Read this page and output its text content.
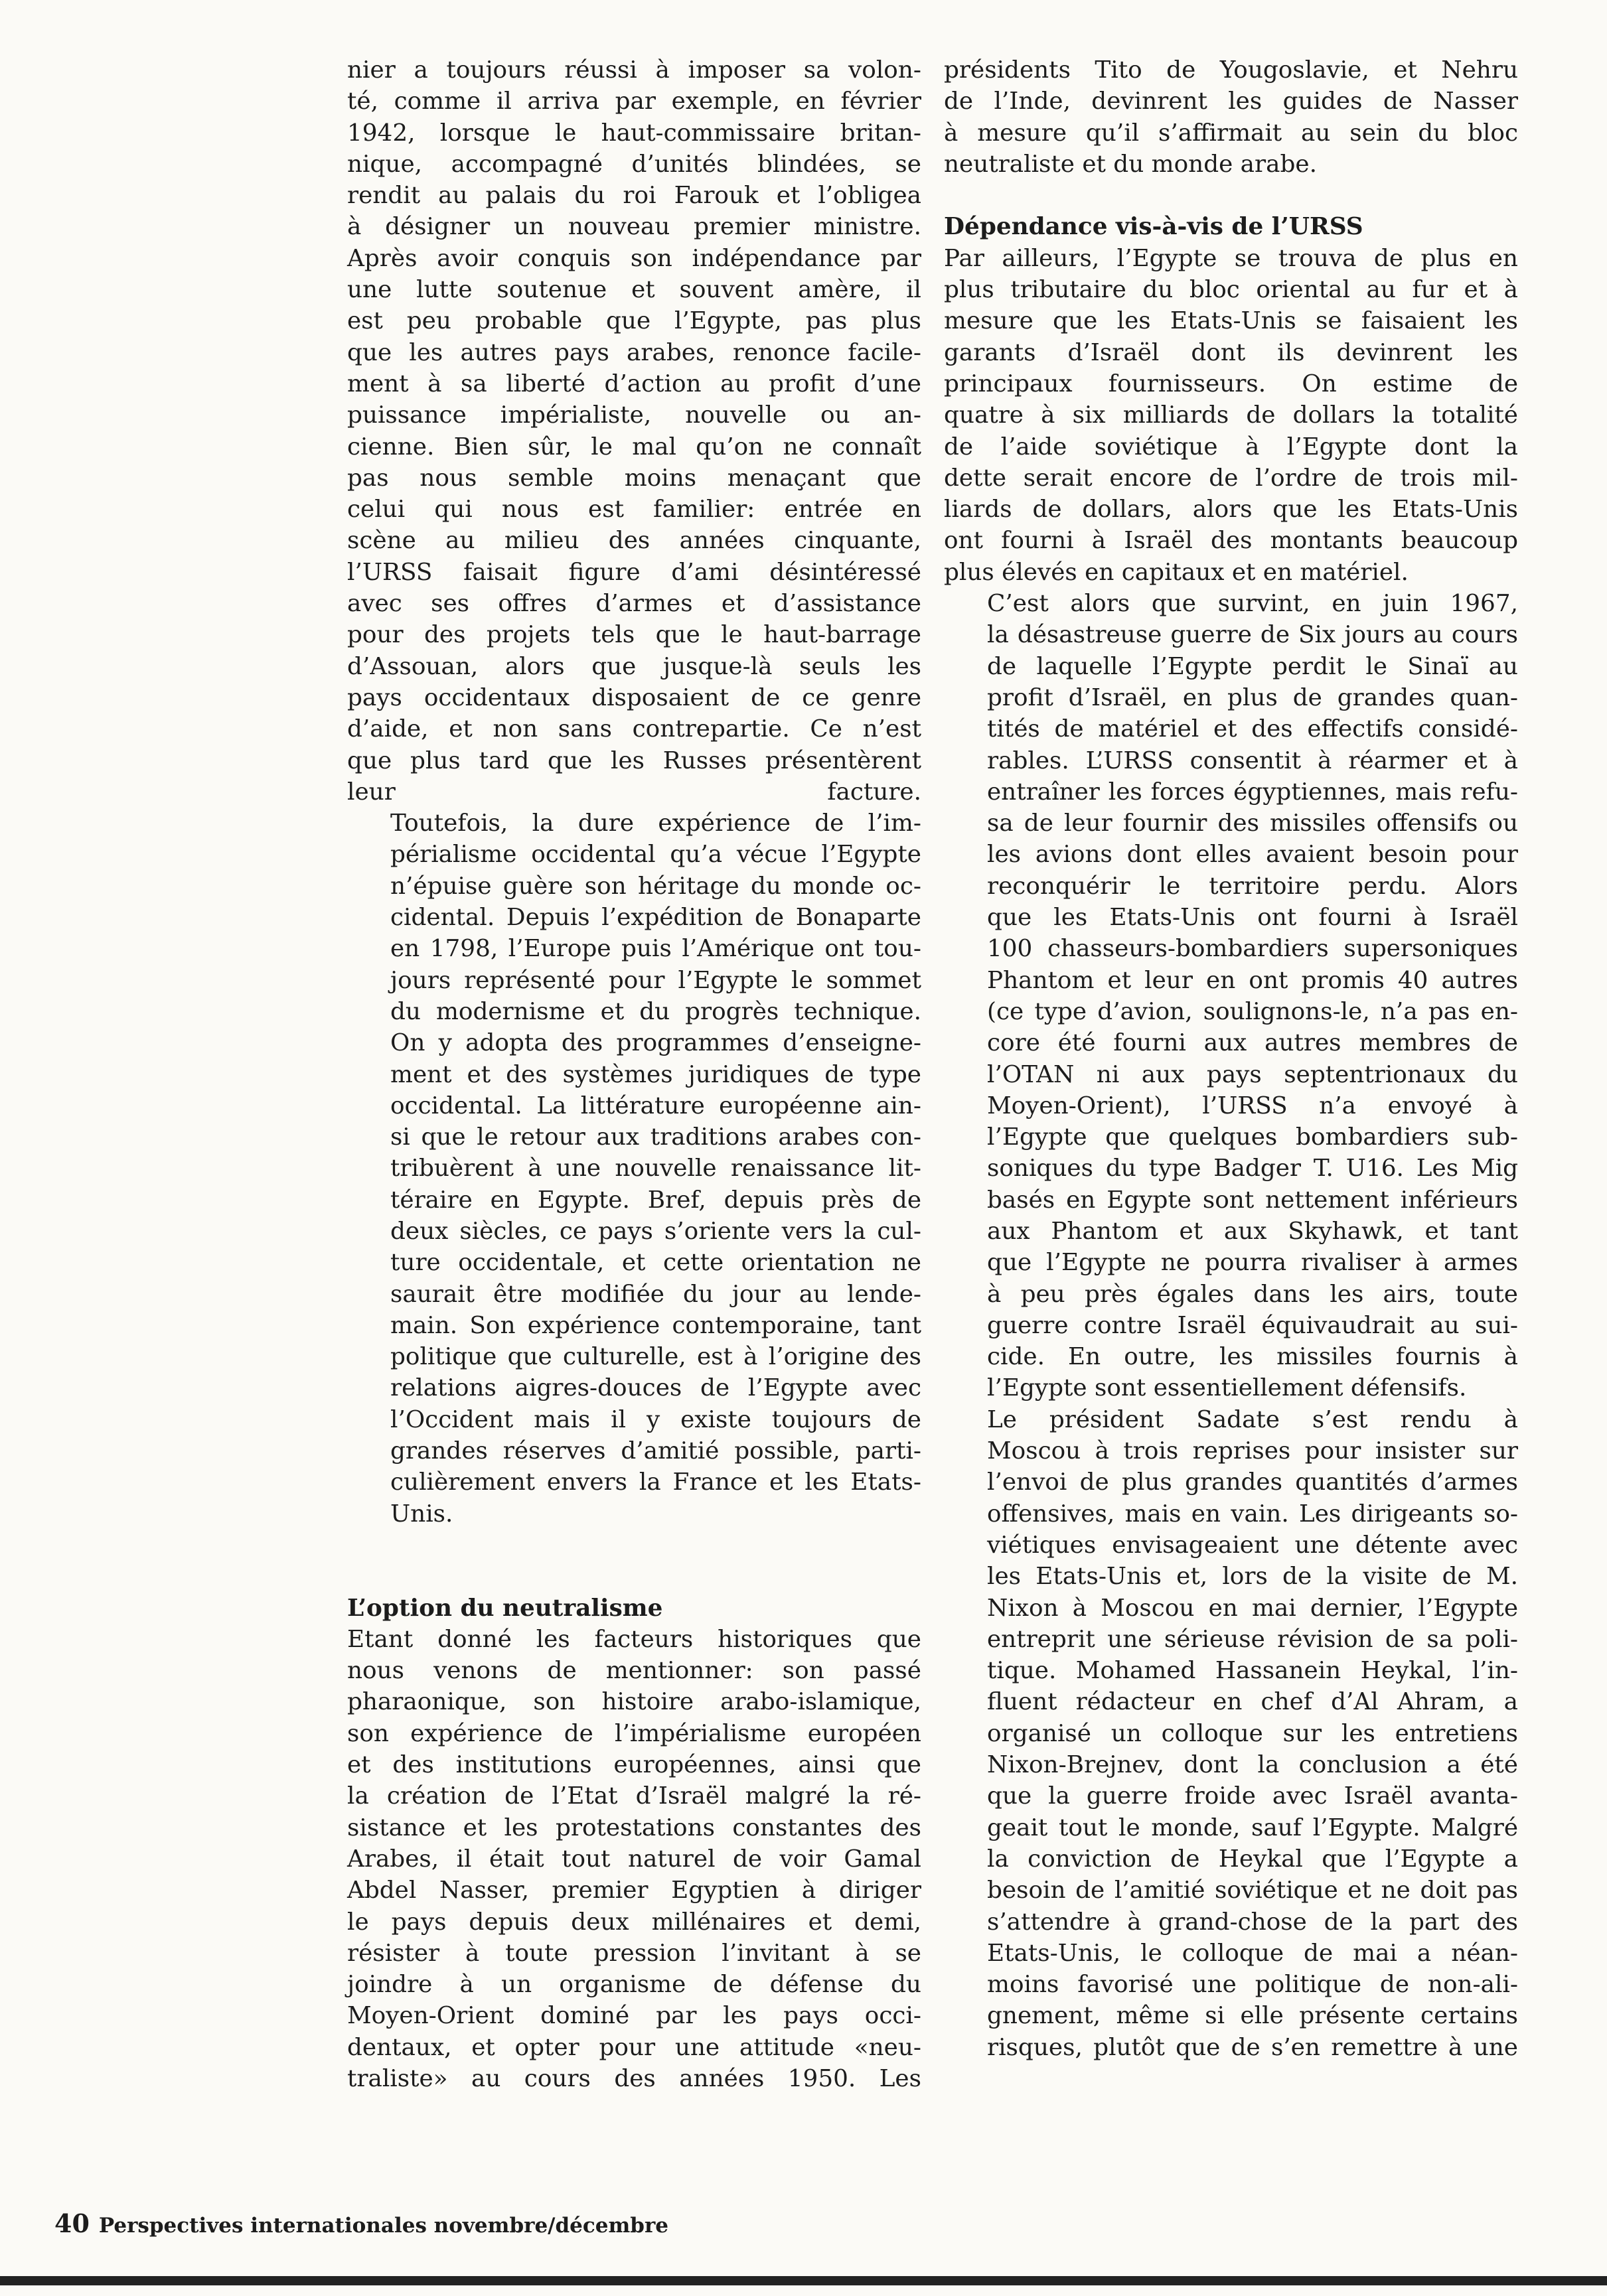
nier a toujours réussi à imposer sa volon-
té, comme il arriva par exemple, en février
1942, lorsque le haut-commissaire britan-
nique, accompagné d’unités blindées, se
rendit au palais du roi Farouk et l’obligea
à désigner un nouveau premier ministre.
Après avoir conquis son indépendance par
une lutte soutenue et souvent amère, il
est peu probable que l’Egypte, pas plus
que les autres pays arabes, renonce facile-
ment à sa liberté d’action au profit d’une
puissance impérialiste, nouvelle ou an-
cienne. Bien sûr, le mal qu’on ne connaît
pas nous semble moins menaçant que
celui qui nous est familier: entrée en
scène au milieu des années cinquante,
l’URSS faisait figure d’ami désintéressé
avec ses offres d’armes et d’assistance
pour des projets tels que le haut-barrage
d’Assouan, alors que jusque-là seuls les
pays occidentaux disposaient de ce genre
d’aide, et non sans contrepartie. Ce n’est
que plus tard que les Russes présentèrent
leur facture.

Toutefois, la dure expérience de l’im-
périalisme occidental qu’a vécue l’Egypte
n’épuise guère son héritage du monde oc-
cidental. Depuis l’expédition de Bonaparte
en 1798, l’Europe puis l’Amérique ont tou-
jours représenté pour l’Egypte le sommet
du modernisme et du progrès technique.
On y adopta des programmes d’enseigne-
ment et des systèmes juridiques de type
occidental. La littérature européenne ain-
si que le retour aux traditions arabes con-
tribuèrent à une nouvelle renaissance lit-
téraire en Egypte. Bref, depuis près de
deux siècles, ce pays s’oriente vers la cul-
ture occidentale, et cette orientation ne
saurait être modifiée du jour au lende-
main. Son expérience contemporaine, tant
politique que culturelle, est à l’origine des
relations aigres-douces de l’Egypte avec
l’Occident mais il y existe toujours de
grandes réserves d’amitié possible, parti-
culièrement envers la France et les Etats-
Unis.

L’option du neutralisme

Etant donné les facteurs historiques que
nous venons de mentionner: son passé
pharaonique, son histoire arabo-islamique,
son expérience de l’impérialisme européen
et des institutions européennes, ainsi que
la création de l’Etat d’Israël malgré la ré-
sistance et les protestations constantes des
Arabes, il était tout naturel de voir Gamal
Abdel Nasser, premier Egyptien à diriger
le pays depuis deux millénaires et demi,
résister à toute pression l’invitant à se
joindre à un organisme de défense du
Moyen-Orient dominé par les pays occi-
dentaux, et opter pour une attitude «neu-
traliste» au cours des années 1950. Les

présidents Tito de Yougoslavie, et Nehru
de l’Inde, devinrent les guides de Nasser
à mesure qu’il s’affirmait au sein du bloc
neutraliste et du monde arabe.

Dépendance vis-à-vis de l’URSS

Par ailleurs, l’Egypte se trouva de plus en
plus tributaire du bloc oriental au fur et à
mesure que les Etats-Unis se faisaient les
garants d’Israël dont ils devinrent les
principaux fournisseurs. On estime de
quatre à six milliards de dollars la totalité
de l’aide soviétique à l’Egypte dont la
dette serait encore de l’ordre de trois mil-
liards de dollars, alors que les Etats-Unis
ont fourni à Israël des montants beaucoup
plus élevés en capitaux et en matériel.

C’est alors que survint, en juin 1967,
la désastreuse guerre de Six jours au cours
de laquelle l’Egypte perdit le Sinaï au
profit d’Israël, en plus de grandes quan-
tités de matériel et des effectifs considé-
rables. L’URSS consentit à réarmer et à
entraîner les forces égyptiennes, mais refu-
sa de leur fournir des missiles offensifs ou
les avions dont elles avaient besoin pour
reconquérir le territoire perdu. Alors
que les Etats-Unis ont fourni à Israël
100 chasseurs-bombardiers supersoniques
Phantom et leur en ont promis 40 autres
(ce type d’avion, soulignons-le, n’a pas en-
core été fourni aux autres membres de
l’OTAN ni aux pays septentrionaux du
Moyen-Orient), l’URSS n’a envoyé à
l’Egypte que quelques bombardiers sub-
soniques du type Badger T. U16. Les Mig
basés en Egypte sont nettement inférieurs
aux Phantom et aux Skyhawk, et tant
que l’Egypte ne pourra rivaliser à armes
à peu près égales dans les airs, toute
guerre contre Israël équivaudrait au sui-
cide. En outre, les missiles fournis à
l’Egypte sont essentiellement défensifs.

Le président Sadate s’est rendu à
Moscou à trois reprises pour insister sur
l’envoi de plus grandes quantités d’armes
offensives, mais en vain. Les dirigeants so-
viétiques envisageaient une détente avec
les Etats-Unis et, lors de la visite de M.
Nixon à Moscou en mai dernier, l’Egypte
entreprit une sérieuse révision de sa poli-
tique. Mohamed Hassanein Heykal, l’in-
fluent rédacteur en chef d’Al Ahram, a
organisé un colloque sur les entretiens
Nixon-Brejnev, dont la conclusion a été
que la guerre froide avec Israël avanta-
geait tout le monde, sauf l’Egypte. Malgré
la conviction de Heykal que l’Egypte a
besoin de l’amitié soviétique et ne doit pas
s’attendre à grand-chose de la part des
Etats-Unis, le colloque de mai a néan-
moins favorisé une politique de non-ali-
gnement, même si elle présente certains
risques, plutôt que de s’en remettre à une

40 Perspectives internationales novembre/décembre
